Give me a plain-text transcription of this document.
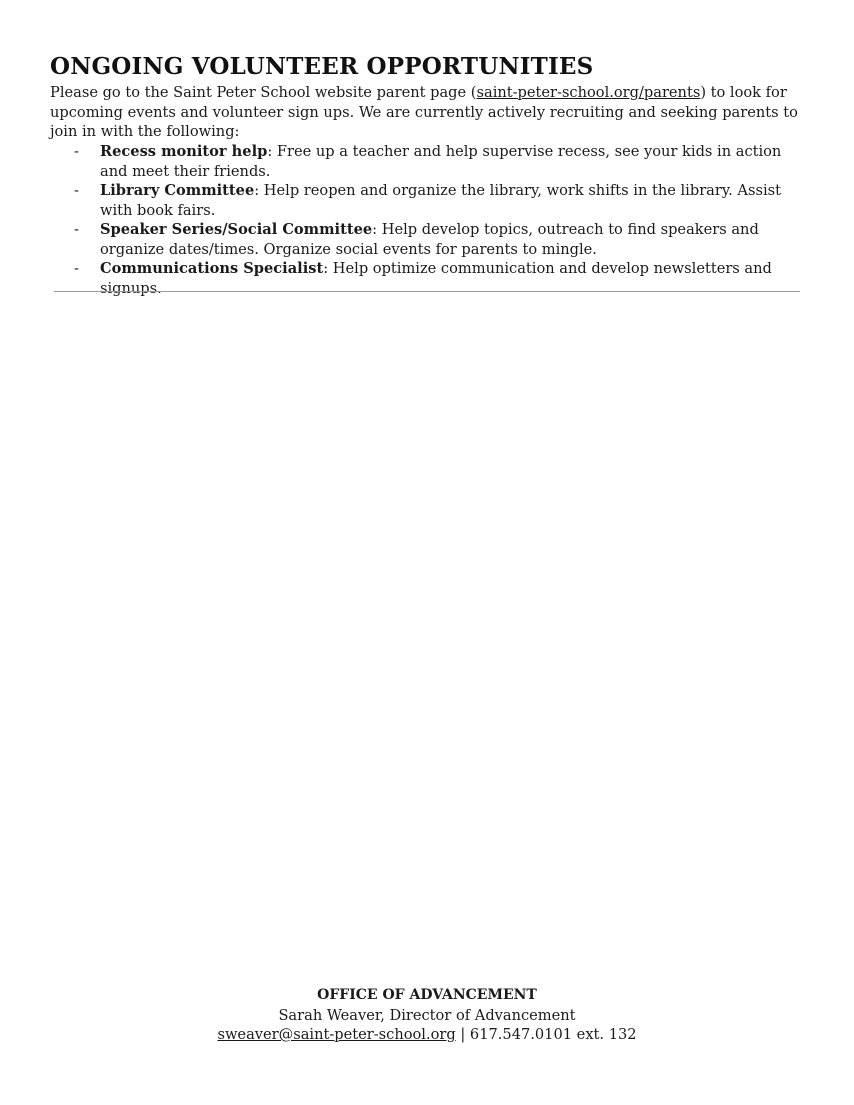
ONGOING VOLUNTEER OPPORTUNITIES

Please go to the Saint Peter School website parent page (saint-peter-school.org/parents) to look for upcoming events and volunteer sign ups. We are currently actively recruiting and seeking parents to join in with the following:

- Recess monitor help: Free up a teacher and help supervise recess, see your kids in action and meet their friends.
- Library Committee: Help reopen and organize the library, work shifts in the library. Assist with book fairs.
- Speaker Series/Social Committee: Help develop topics, outreach to find speakers and organize dates/times. Organize social events for parents to mingle.
- Communications Specialist: Help optimize communication and develop newsletters and signups.
OFFICE OF ADVANCEMENT
Sarah Weaver, Director of Advancement
sweaver@saint-peter-school.org | 617.547.0101 ext. 132
